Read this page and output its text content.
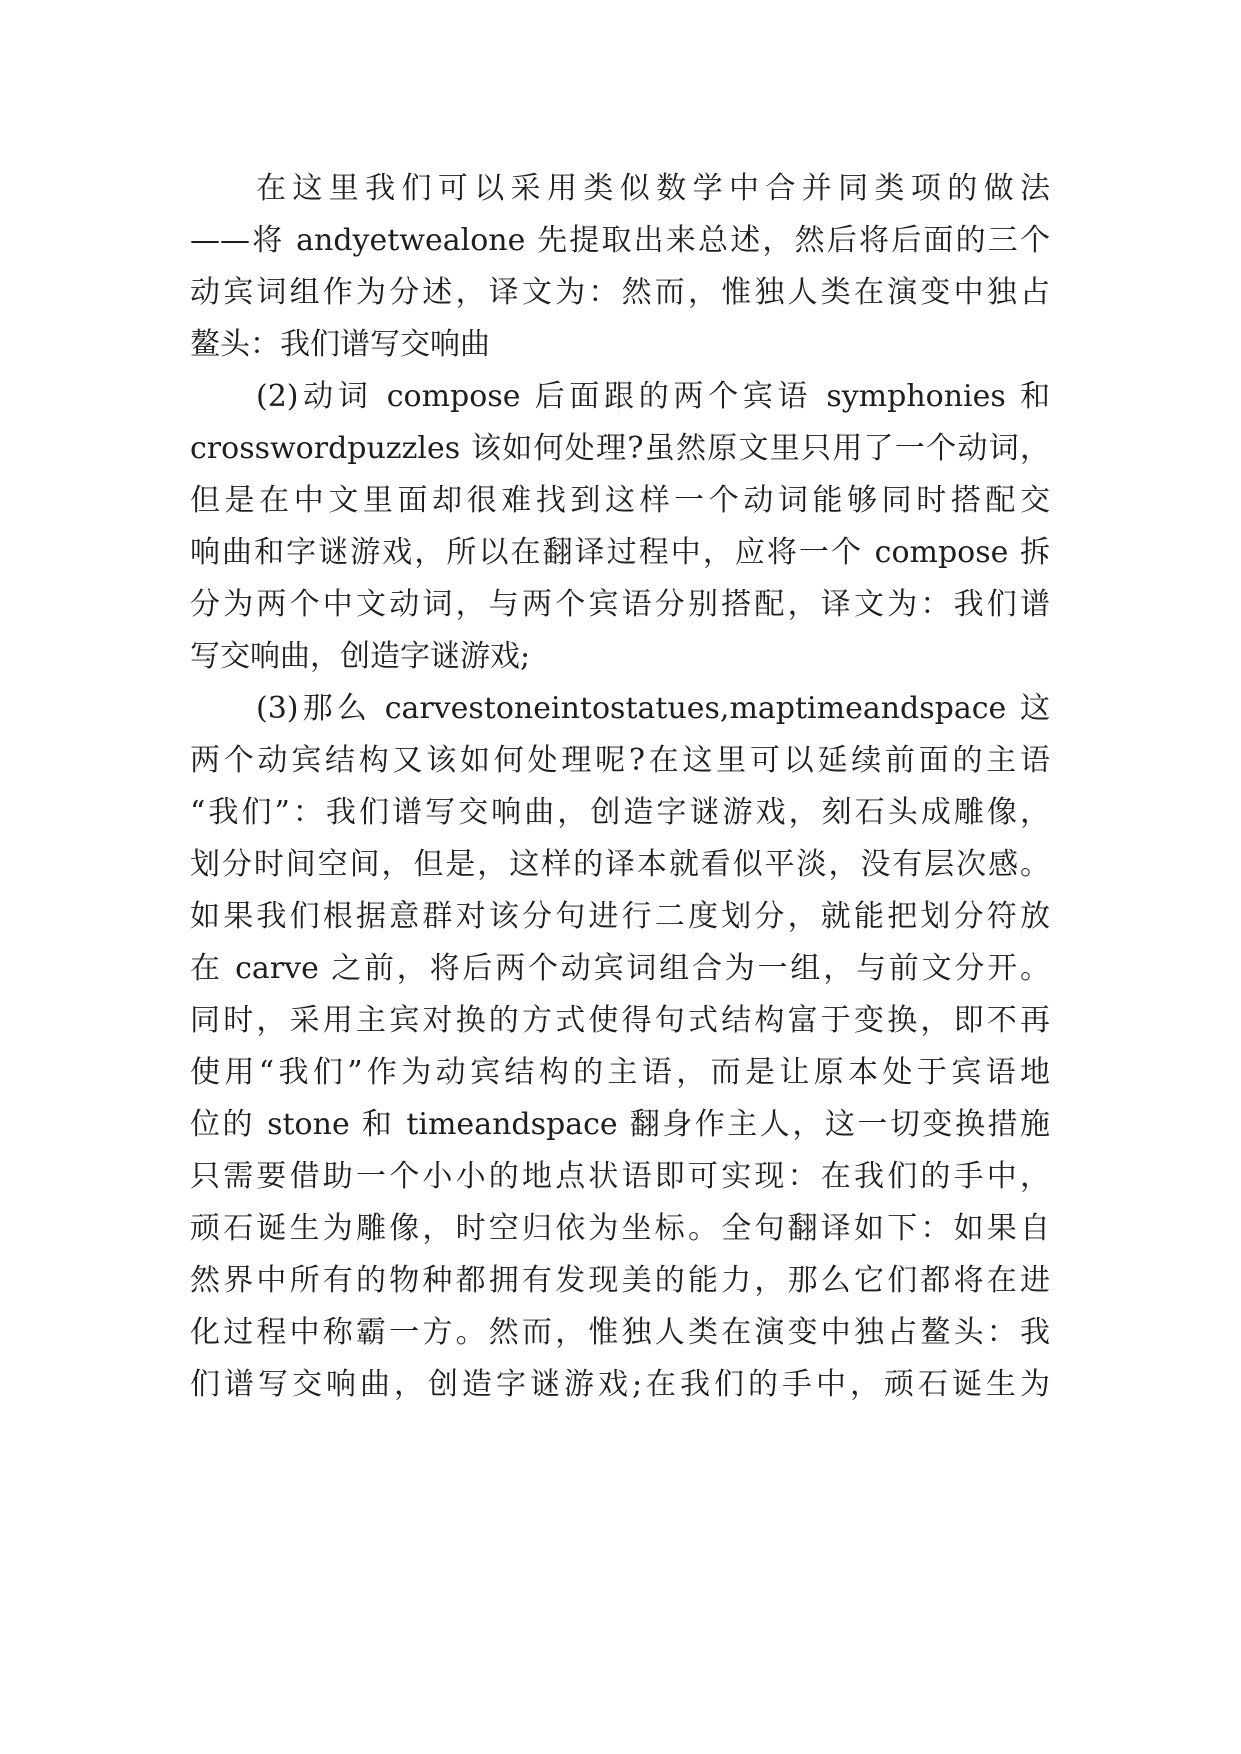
在这里我们可以采用类似数学中合并同类项的做法
——将 andyetwealone 先提取出来总述，然后将后面的三个
动宾词组作为分述，译文为：然而，惟独人类在演变中独占
鳌头：我们谱写交响曲
(2)动词 compose 后面跟的两个宾语 symphonies 和
crosswordpuzzles 该如何处理?虽然原文里只用了一个动词，
但是在中文里面却很难找到这样一个动词能够同时搭配交
响曲和字谜游戏，所以在翻译过程中，应将一个 compose 拆
分为两个中文动词，与两个宾语分别搭配，译文为：我们谱
写交响曲，创造字谜游戏;
(3)那么 carvestoneintostatues,maptimeandspace 这
两个动宾结构又该如何处理呢?在这里可以延续前面的主语
“我们”：我们谱写交响曲，创造字谜游戏，刻石头成雕像，
划分时间空间，但是，这样的译本就看似平淡，没有层次感。
如果我们根据意群对该分句进行二度划分，就能把划分符放
在 carve 之前，将后两个动宾词组合为一组，与前文分开。
同时，采用主宾对换的方式使得句式结构富于变换，即不再
使用“我们”作为动宾结构的主语，而是让原本处于宾语地
位的 stone 和 timeandspace 翻身作主人，这一切变换措施
只需要借助一个小小的地点状语即可实现：在我们的手中，
顽石诞生为雕像，时空归依为坐标。全句翻译如下：如果自
然界中所有的物种都拥有发现美的能力，那么它们都将在进
化过程中称霸一方。然而，惟独人类在演变中独占鳌头：我
们谱写交响曲，创造字谜游戏;在我们的手中，顽石诞生为
